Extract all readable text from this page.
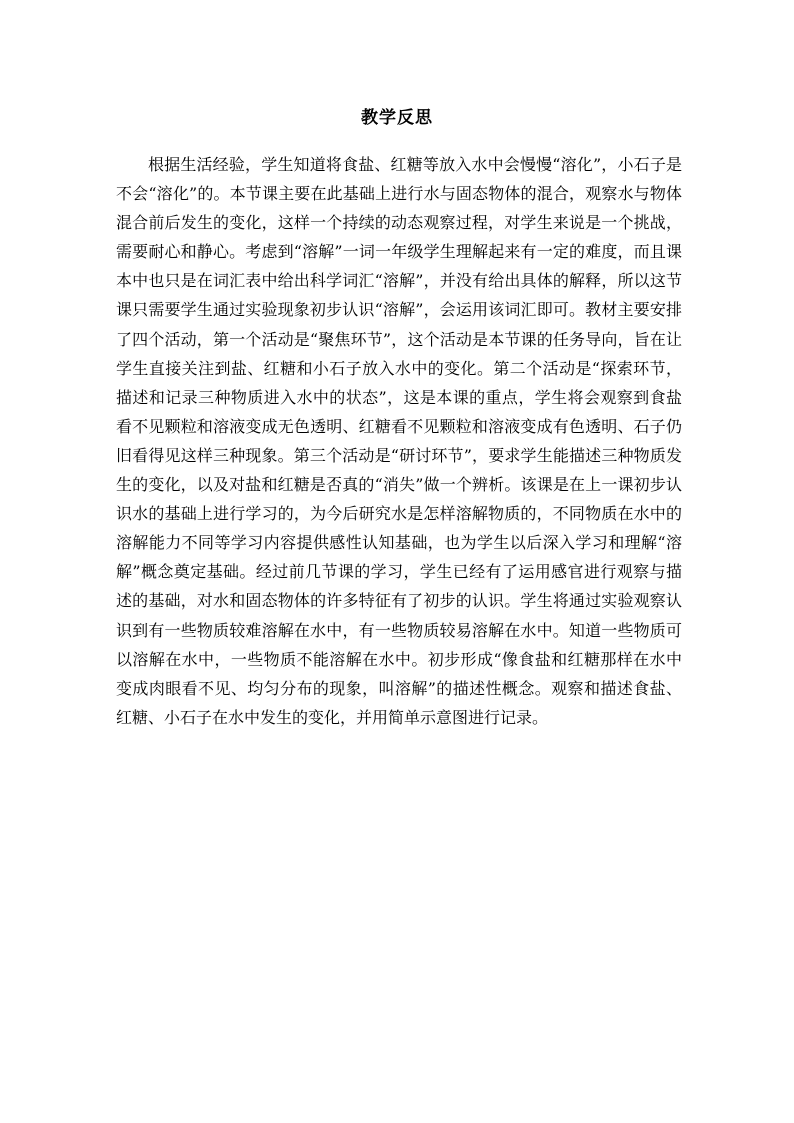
教学反思

根据生活经验，学生知道将食盐、红糖等放入水中会慢慢“溶化”，小石子是不会“溶化”的。本节课主要在此基础上进行水与固态物体的混合，观察水与物体混合前后发生的变化，这样一个持续的动态观察过程，对学生来说是一个挑战，需要耐心和静心。考虑到“溶解”一词一年级学生理解起来有一定的难度，而且课本中也只是在词汇表中给出科学词汇“溶解”，并没有给出具体的解释，所以这节课只需要学生通过实验现象初步认识“溶解”，会运用该词汇即可。教材主要安排了四个活动，第一个活动是“聚焦环节”，这个活动是本节课的任务导向，旨在让学生直接关注到盐、红糖和小石子放入水中的变化。第二个活动是“探索环节，描述和记录三种物质进入水中的状态”，这是本课的重点，学生将会观察到食盐看不见颗粒和溶液变成无色透明、红糖看不见颗粒和溶液变成有色透明、石子仍旧看得见这样三种现象。第三个活动是“研讨环节”，要求学生能描述三种物质发生的变化，以及对盐和红糖是否真的“消失”做一个辨析。该课是在上一课初步认识水的基础上进行学习的，为今后研究水是怎样溶解物质的，不同物质在水中的溶解能力不同等学习内容提供感性认知基础，也为学生以后深入学习和理解“溶解”概念奠定基础。经过前几节课的学习，学生已经有了运用感官进行观察与描述的基础，对水和固态物体的许多特征有了初步的认识。学生将通过实验观察认识到有一些物质较难溶解在水中，有一些物质较易溶解在水中。知道一些物质可以溶解在水中，一些物质不能溶解在水中。初步形成“像食盐和红糖那样在水中变成肉眼看不见、均匀分布的现象，叫溶解”的描述性概念。观察和描述食盐、红糖、小石子在水中发生的变化，并用简单示意图进行记录。
